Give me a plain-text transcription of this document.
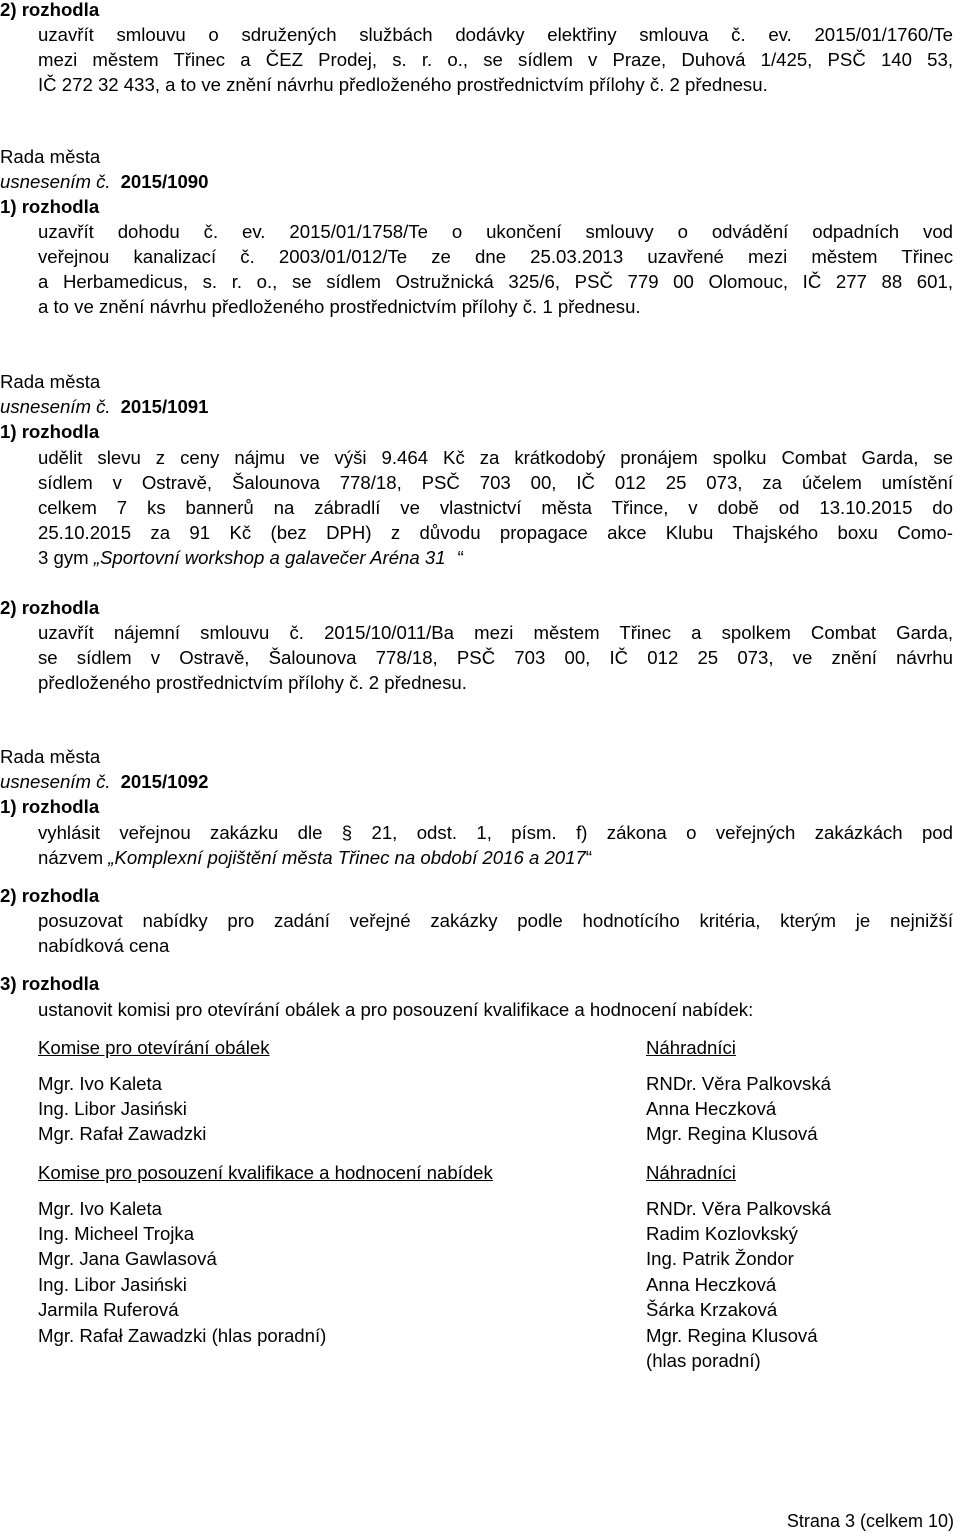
2) rozhodla
uzavřít smlouvu o sdružených službách dodávky elektřiny smlouva č. ev. 2015/01/1760/Te
mezi městem Třinec a ČEZ Prodej, s. r. o., se sídlem v Praze, Duhová 1/425, PSČ 140 53,
IČ 272 32 433, a to ve znění návrhu předloženého prostřednictvím přílohy č. 2 přednesu.
Rada města
usnesením č. 2015/1090
1) rozhodla
uzavřít dohodu č. ev. 2015/01/1758/Te o ukončení smlouvy o odvádění odpadních vod
veřejnou kanalizací č. 2003/01/012/Te ze dne 25.03.2013 uzavřené mezi městem Třinec
a Herbamedicus, s. r. o., se sídlem Ostružnická 325/6, PSČ 779 00 Olomouc, IČ 277 88 601,
a to ve znění návrhu předloženého prostřednictvím přílohy č. 1 přednesu.
Rada města
usnesením č. 2015/1091
1) rozhodla
udělit slevu z ceny nájmu ve výši 9.464 Kč za krátkodobý pronájem spolku Combat Garda, se
sídlem v Ostravě, Šalounova 778/18, PSČ 703 00, IČ 012 25 073, za účelem umístění
celkem 7 ks bannerů na zábradlí ve vlastnictví města Třince, v době od 13.10.2015 do
25.10.2015 za 91 Kč (bez DPH) z důvodu propagace akce Klubu Thajského boxu Como-
3 gym „Sportovní workshop a galavečer Aréna 31 “
2) rozhodla
uzavřít nájemní smlouvu č. 2015/10/011/Ba mezi městem Třinec a spolkem Combat Garda,
se sídlem v Ostravě, Šalounova 778/18, PSČ 703 00, IČ 012 25 073, ve znění návrhu
předloženého prostřednictvím přílohy č. 2 přednesu.
Rada města
usnesením č. 2015/1092
1) rozhodla
vyhlásit veřejnou zakázku dle § 21, odst. 1, písm. f) zákona o veřejných zakázkách pod
názvem „Komplexní pojištění města Třinec na období 2016 a 2017“
2) rozhodla
posuzovat nabídky pro zadání veřejné zakázky podle hodnotícího kritéria, kterým je nejnižší
nabídková cena
3) rozhodla
ustanovit komisi pro otevírání obálek a pro posouzení kvalifikace a hodnocení nabídek:
Komise pro otevírání obálek	Náhradníci
Mgr. Ivo Kaleta
Ing. Libor Jasiński
Mgr. Rafał Zawadzki
RNDr. Věra Palkovská
Anna Heczková
Mgr. Regina Klusová
Komise pro posouzení kvalifikace a hodnocení nabídek	Náhradníci
Mgr. Ivo Kaleta
Ing. Micheel Trojka
Mgr. Jana Gawlasová
Ing. Libor Jasiński
Jarmila Ruferová
Mgr. Rafał Zawadzki (hlas poradní)
RNDr. Věra Palkovská
Radim Kozlovkský
Ing. Patrik Žondor
Anna Heczková
Šárka Krzaková
Mgr. Regina Klusová
(hlas poradní)
Strana 3 (celkem 10)
